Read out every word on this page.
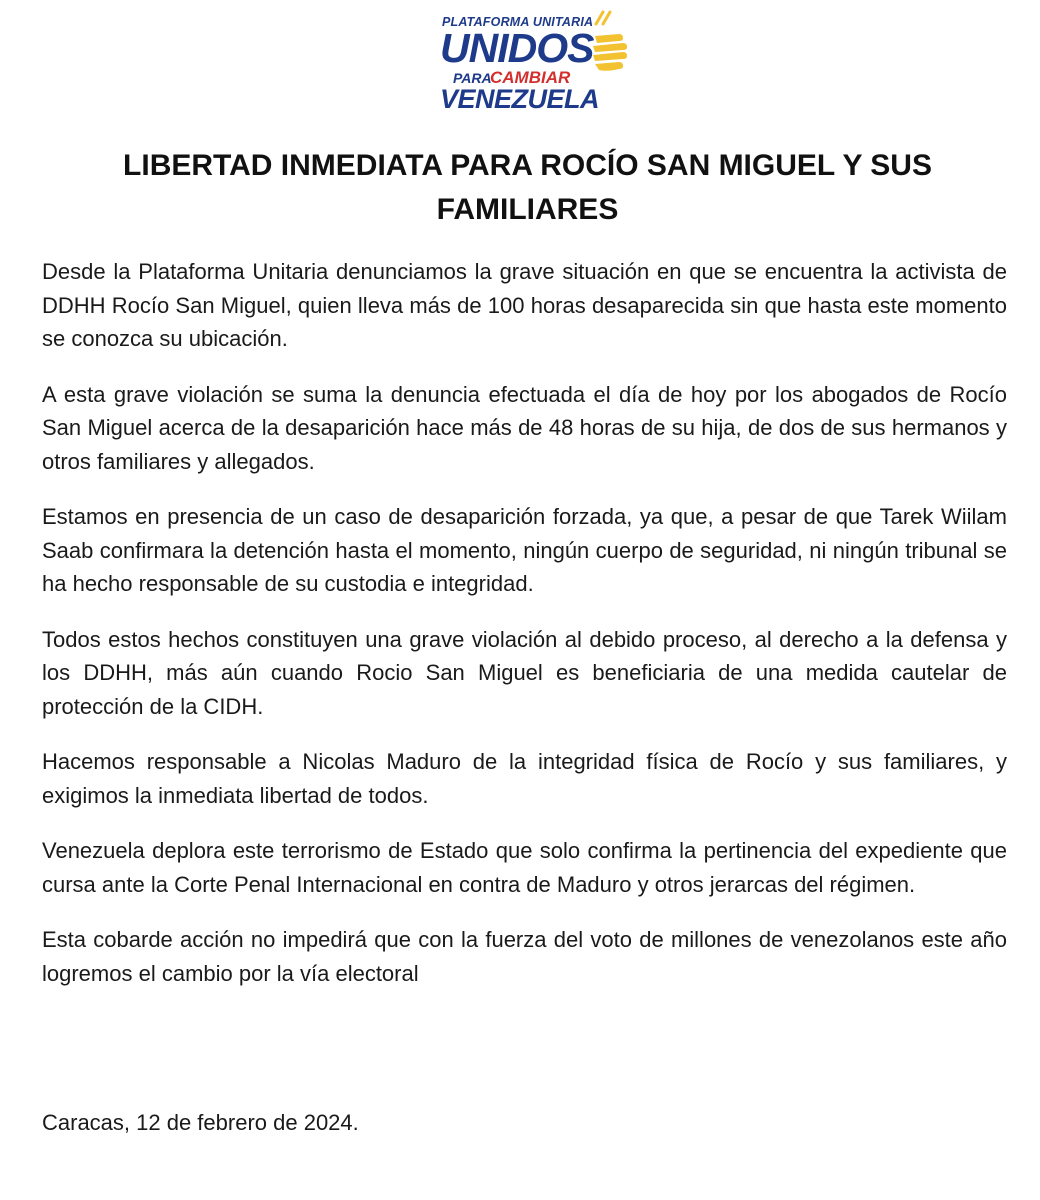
PLATAFORMA UNITARIA
UNIDOS
PARA
CAMBIAR
VENEZUELA
LIBERTAD INMEDIATA PARA ROCÍO SAN MIGUEL Y SUS FAMILIARES

Desde la Plataforma Unitaria denunciamos la grave situación en que se encuentra la activista de DDHH Rocío San Miguel, quien lleva más de 100 horas desaparecida sin que hasta este momento se conozca su ubicación.

A esta grave violación se suma la denuncia efectuada el día de hoy por los abogados de Rocío San Miguel acerca de la desaparición hace más de 48 horas de su hija, de dos de sus hermanos y otros familiares y allegados.

Estamos en presencia de un caso de desaparición forzada, ya que, a pesar de que Tarek Wiilam Saab confirmara la detención hasta el momento, ningún cuerpo de seguridad, ni ningún tribunal se ha hecho responsable de su custodia e integridad.

Todos estos hechos constituyen una grave violación al debido proceso, al derecho a la defensa y los DDHH, más aún cuando Rocio San Miguel es beneficiaria de una medida cautelar de protección de la CIDH.

Hacemos responsable a Nicolas Maduro de la integridad física de Rocío y sus familiares, y exigimos la inmediata libertad de todos.

Venezuela deplora este terrorismo de Estado que solo confirma la pertinencia del expediente que cursa ante la Corte Penal Internacional en contra de Maduro y otros jerarcas del régimen.

Esta cobarde acción no impedirá que con la fuerza del voto de millones de venezolanos este año logremos el cambio por la vía electoral

Caracas, 12 de febrero de 2024.
